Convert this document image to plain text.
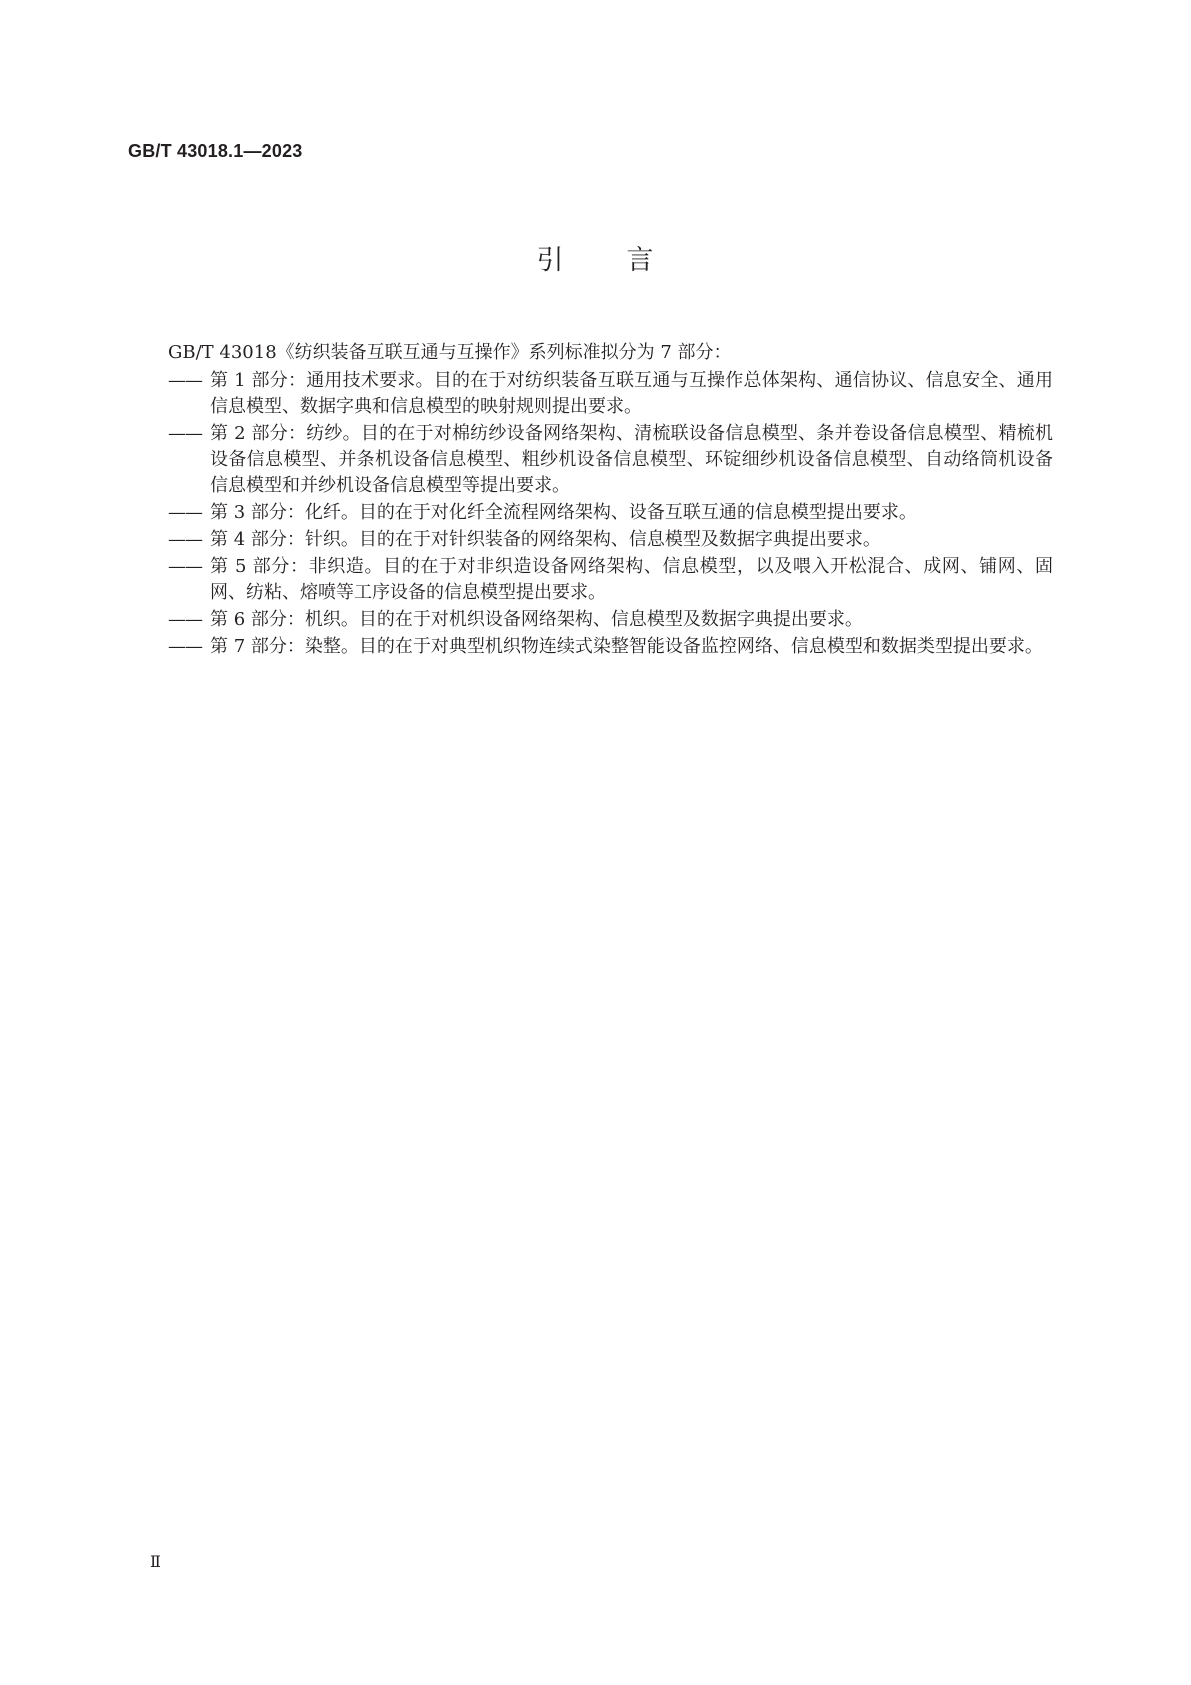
GB/T 43018.1—2023
引 言

GB/T 43018《纺织装备互联互通与互操作》系列标准拟分为 7 部分：

—— 第 1 部分：通用技术要求。目的在于对纺织装备互联互通与互操作总体架构、通信协议、信息安全、通用信息模型、数据字典和信息模型的映射规则提出要求。
—— 第 2 部分：纺纱。目的在于对棉纺纱设备网络架构、清梳联设备信息模型、条并卷设备信息模型、精梳机设备信息模型、并条机设备信息模型、粗纱机设备信息模型、环锭细纱机设备信息模型、自动络筒机设备信息模型和并纱机设备信息模型等提出要求。
—— 第 3 部分：化纤。目的在于对化纤全流程网络架构、设备互联互通的信息模型提出要求。
—— 第 4 部分：针织。目的在于对针织装备的网络架构、信息模型及数据字典提出要求。
—— 第 5 部分：非织造。目的在于对非织造设备网络架构、信息模型，以及喂入开松混合、成网、铺网、固网、纺粘、熔喷等工序设备的信息模型提出要求。
—— 第 6 部分：机织。目的在于对机织设备网络架构、信息模型及数据字典提出要求。
—— 第 7 部分：染整。目的在于对典型机织物连续式染整智能设备监控网络、信息模型和数据类型提出要求。
Ⅱ
